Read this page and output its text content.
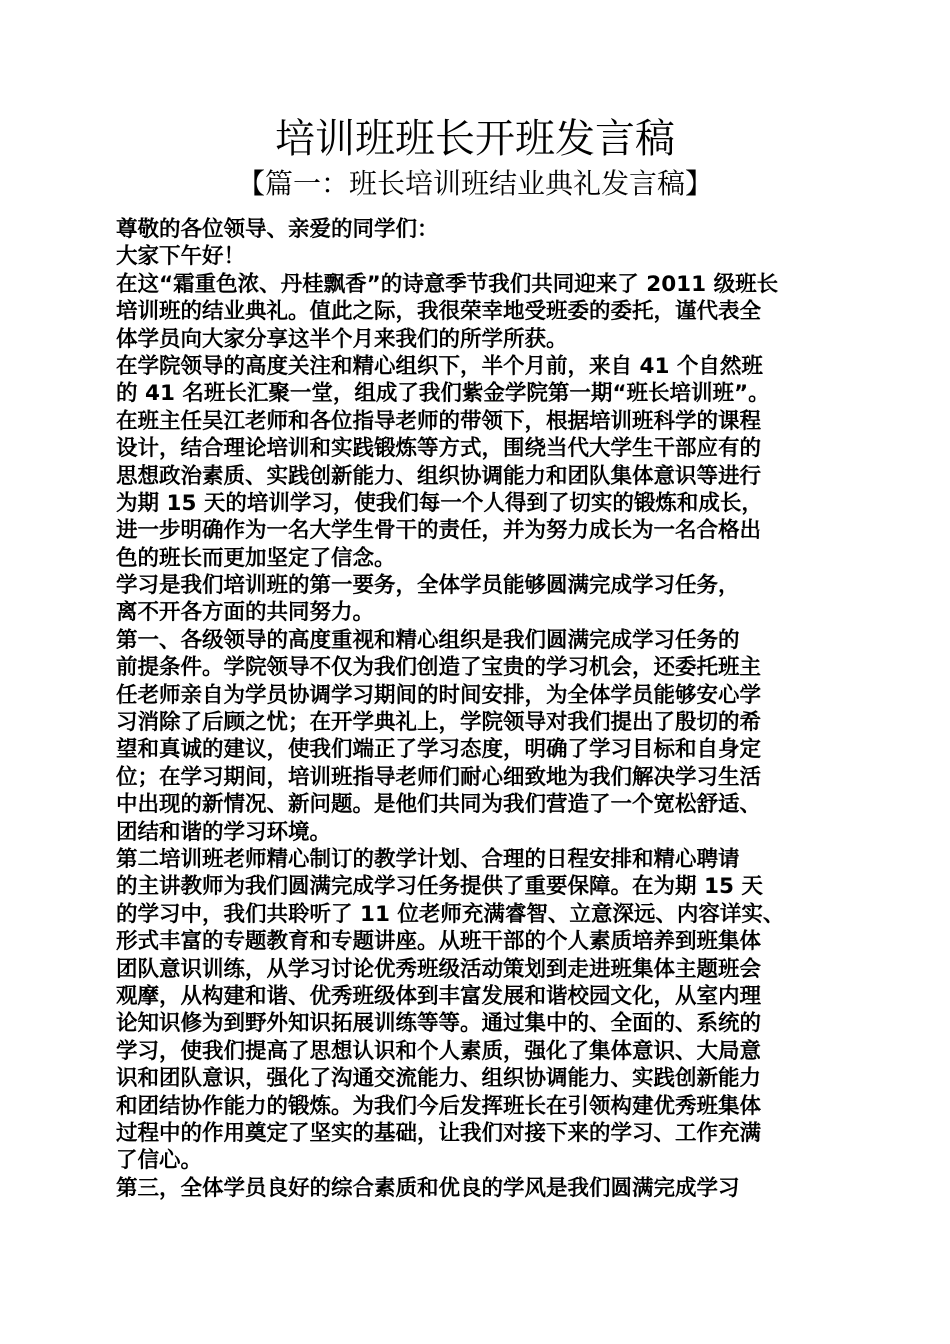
培训班班长开班发言稿
【篇一：班长培训班结业典礼发言稿】
尊敬的各位领导、亲爱的同学们：
大家下午好！
在这“霜重色浓、丹桂飘香”的诗意季节我们共同迎来了 2011 级班长
培训班的结业典礼。值此之际，我很荣幸地受班委的委托，谨代表全
体学员向大家分享这半个月来我们的所学所获。
在学院领导的高度关注和精心组织下，半个月前，来自 41 个自然班
的 41 名班长汇聚一堂，组成了我们紫金学院第一期“班长培训班”。
在班主任吴江老师和各位指导老师的带领下，根据培训班科学的课程
设计，结合理论培训和实践锻炼等方式，围绕当代大学生干部应有的
思想政治素质、实践创新能力、组织协调能力和团队集体意识等进行
为期 15 天的培训学习，使我们每一个人得到了切实的锻炼和成长，
进一步明确作为一名大学生骨干的责任，并为努力成长为一名合格出
色的班长而更加坚定了信念。
学习是我们培训班的第一要务，全体学员能够圆满完成学习任务，
离不开各方面的共同努力。
第一、各级领导的高度重视和精心组织是我们圆满完成学习任务的
前提条件。学院领导不仅为我们创造了宝贵的学习机会，还委托班主
任老师亲自为学员协调学习期间的时间安排，为全体学员能够安心学
习消除了后顾之忧；在开学典礼上，学院领导对我们提出了殷切的希
望和真诚的建议，使我们端正了学习态度，明确了学习目标和自身定
位；在学习期间，培训班指导老师们耐心细致地为我们解决学习生活
中出现的新情况、新问题。是他们共同为我们营造了一个宽松舒适、
团结和谐的学习环境。
第二培训班老师精心制订的教学计划、合理的日程安排和精心聘请
的主讲教师为我们圆满完成学习任务提供了重要保障。在为期 15 天
的学习中，我们共聆听了 11 位老师充满睿智、立意深远、内容详实、
形式丰富的专题教育和专题讲座。从班干部的个人素质培养到班集体
团队意识训练，从学习讨论优秀班级活动策划到走进班集体主题班会
观摩，从构建和谐、优秀班级体到丰富发展和谐校园文化，从室内理
论知识修为到野外知识拓展训练等等。通过集中的、全面的、系统的
学习，使我们提高了思想认识和个人素质，强化了集体意识、大局意
识和团队意识，强化了沟通交流能力、组织协调能力、实践创新能力
和团结协作能力的锻炼。为我们今后发挥班长在引领构建优秀班集体
过程中的作用奠定了坚实的基础，让我们对接下来的学习、工作充满
了信心。
第三，全体学员良好的综合素质和优良的学风是我们圆满完成学习
